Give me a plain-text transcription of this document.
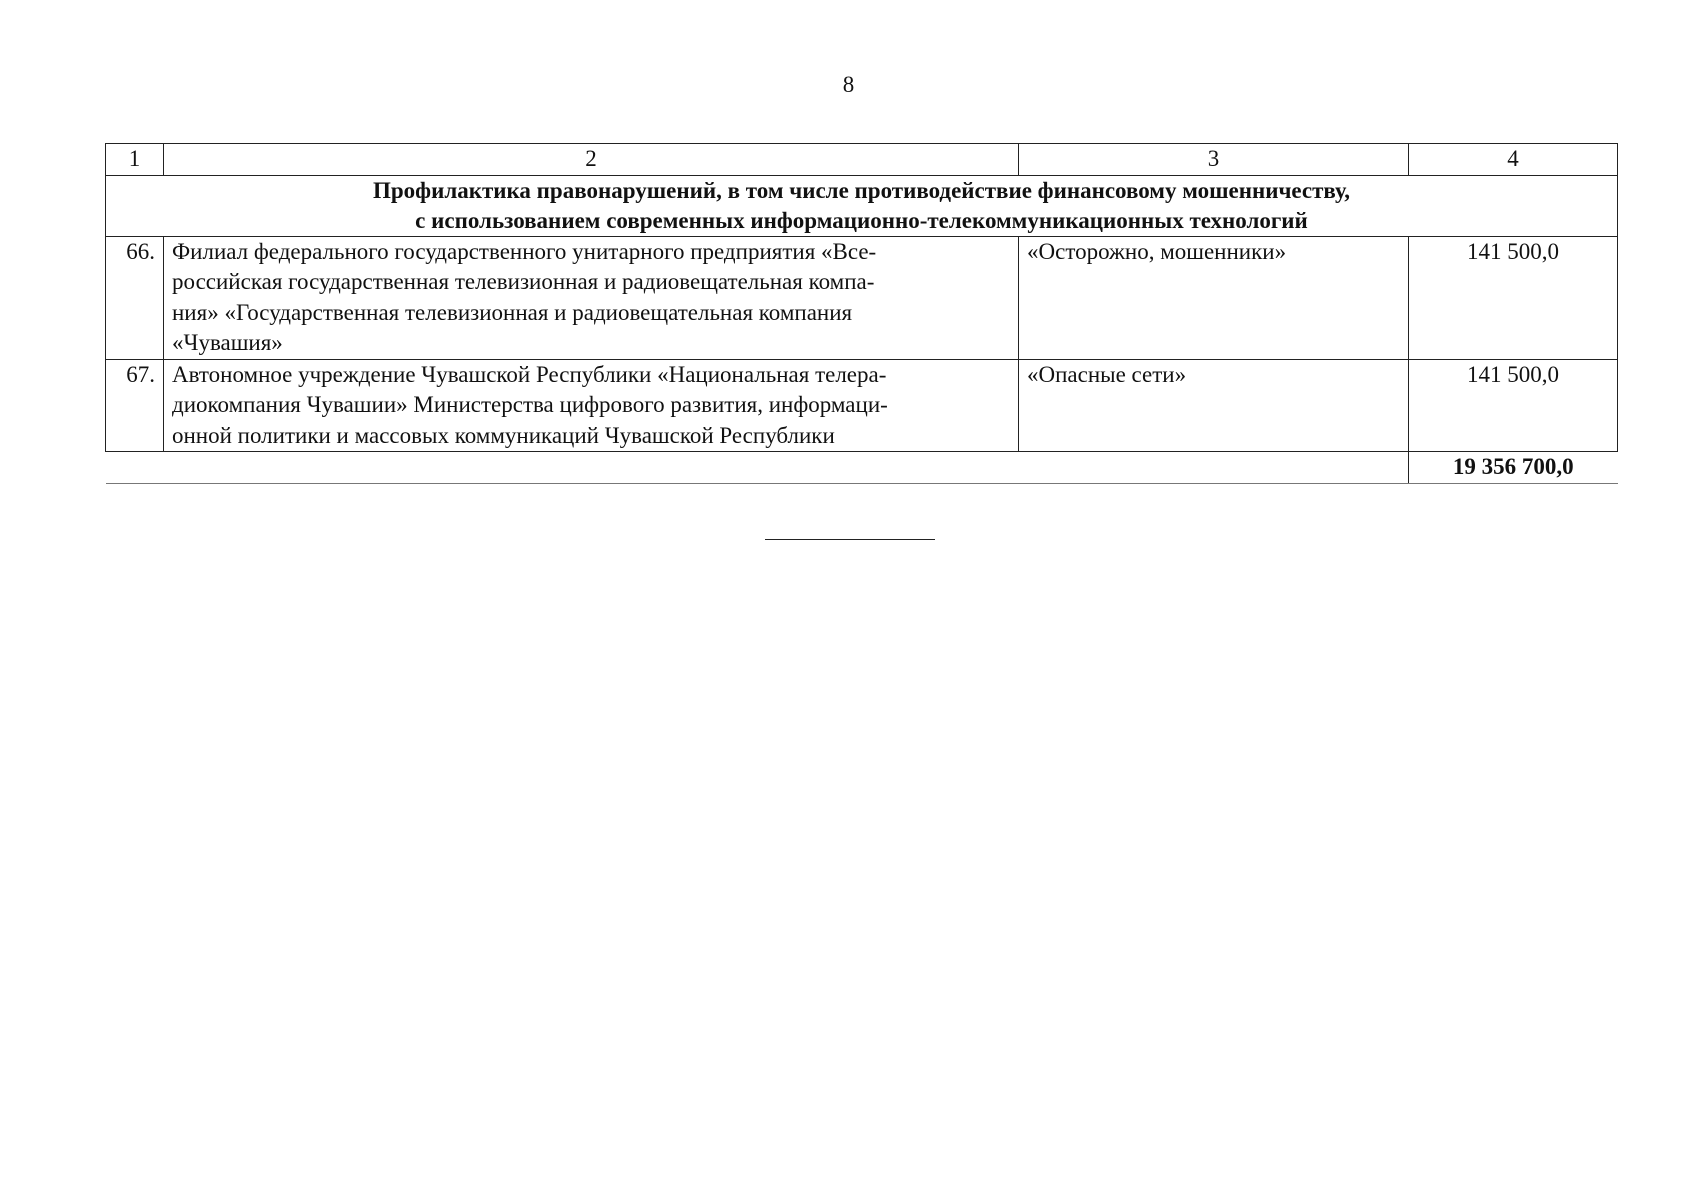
8
1	2	3	4

Профилактика правонарушений, в том числе противодействие финансовому мошенничеству,
с использованием современных информационно-телекоммуникационных технологий			

66.	Филиал федерального государственного унитарного предприятия «Все-
российская государственная телевизионная и радиовещательная компа-
ния» «Государственная телевизионная и радиовещательная компания
«Чувашия»	«Осторожно, мошенники»	141 500,0
67.	Автономное учреждение Чувашской Республики «Национальная телера-
диокомпания Чувашии» Министерства цифрового развития, информаци-
онной политики и массовых коммуникаций Чувашской Республики	«Опасные сети»	141 500,0
			19 356 700,0
